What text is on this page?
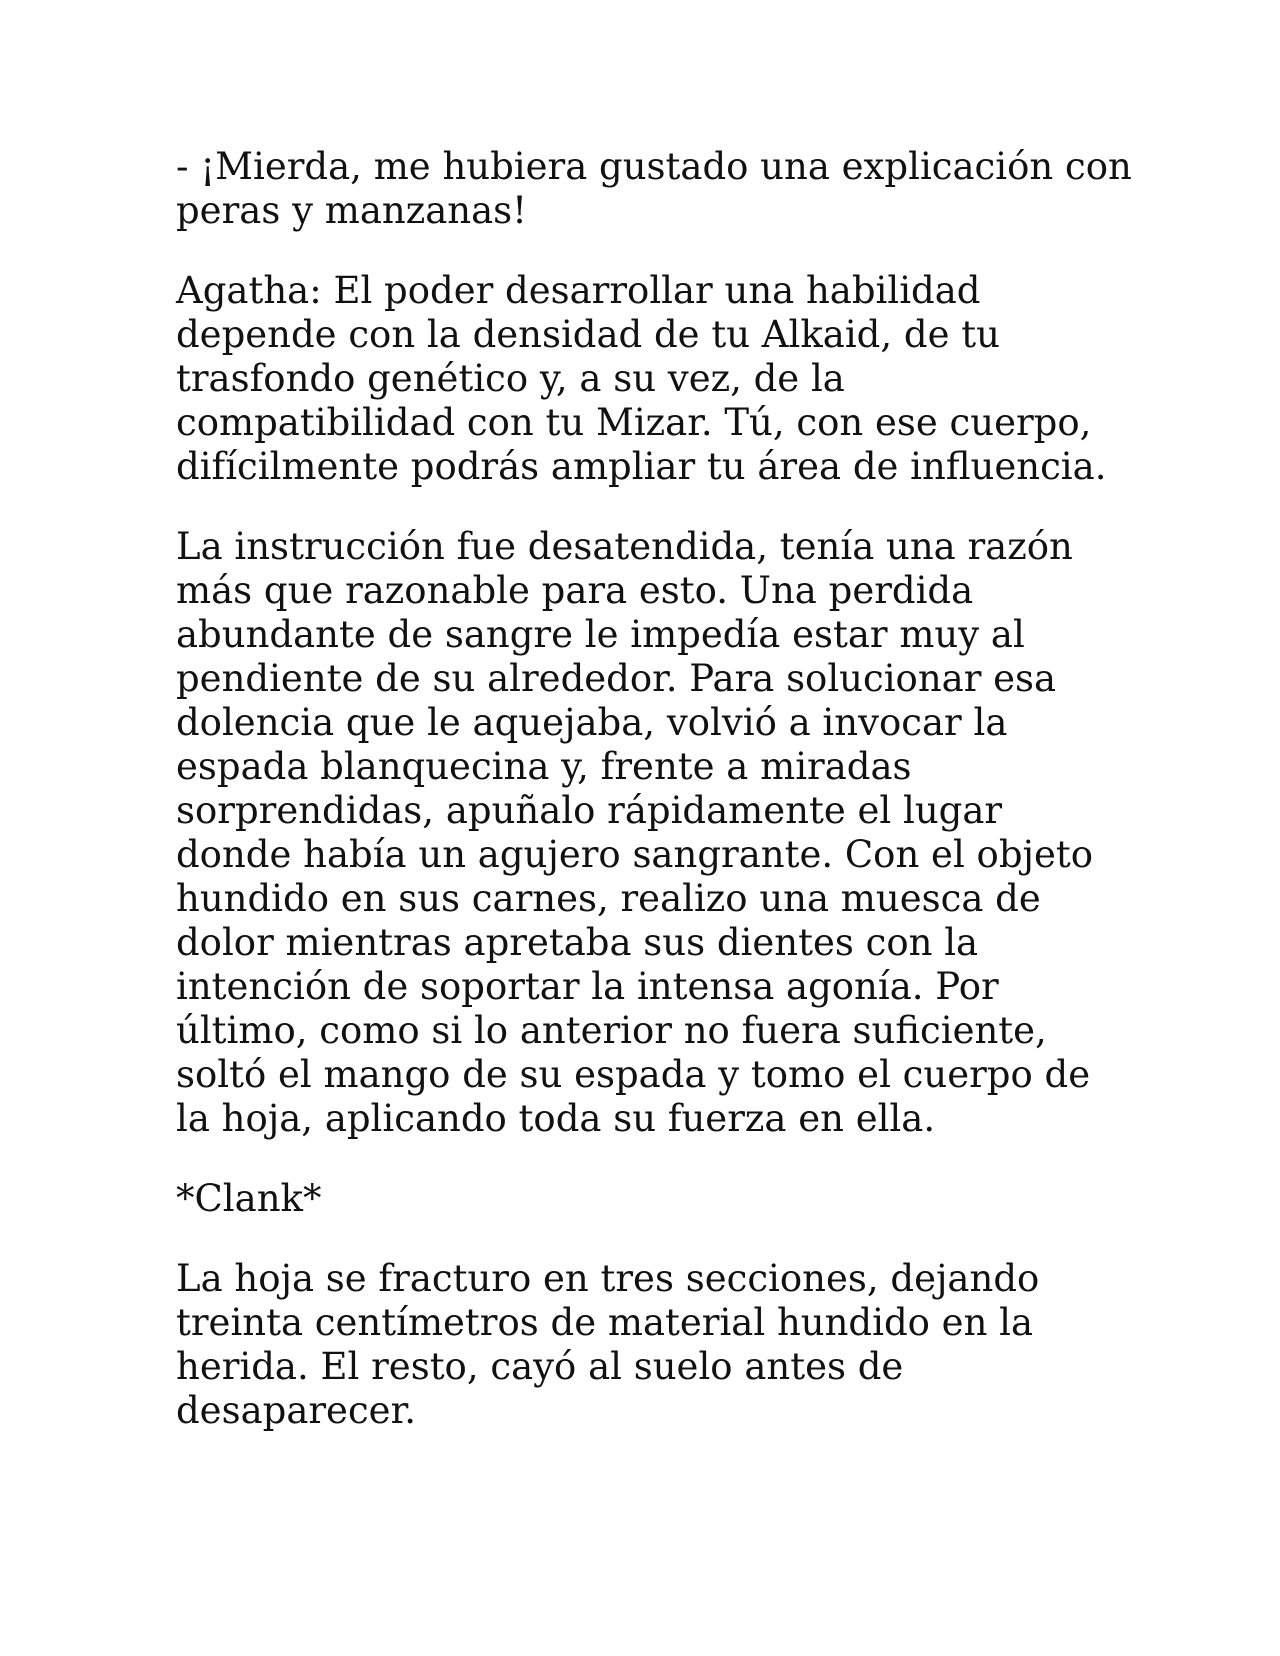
- ¡Mierda, me hubiera gustado una explicación con
peras y manzanas!

Agatha: El poder desarrollar una habilidad
depende con la densidad de tu Alkaid, de tu
trasfondo genético y, a su vez, de la
compatibilidad con tu Mizar. Tú, con ese cuerpo,
difícilmente podrás ampliar tu área de influencia.

La instrucción fue desatendida, tenía una razón
más que razonable para esto. Una perdida
abundante de sangre le impedía estar muy al
pendiente de su alrededor. Para solucionar esa
dolencia que le aquejaba, volvió a invocar la
espada blanquecina y, frente a miradas
sorprendidas, apuñalo rápidamente el lugar
donde había un agujero sangrante. Con el objeto
hundido en sus carnes, realizo una muesca de
dolor mientras apretaba sus dientes con la
intención de soportar la intensa agonía. Por
último, como si lo anterior no fuera suficiente,
soltó el mango de su espada y tomo el cuerpo de
la hoja, aplicando toda su fuerza en ella.

*Clank*

La hoja se fracturo en tres secciones, dejando
treinta centímetros de material hundido en la
herida. El resto, cayó al suelo antes de
desaparecer.
